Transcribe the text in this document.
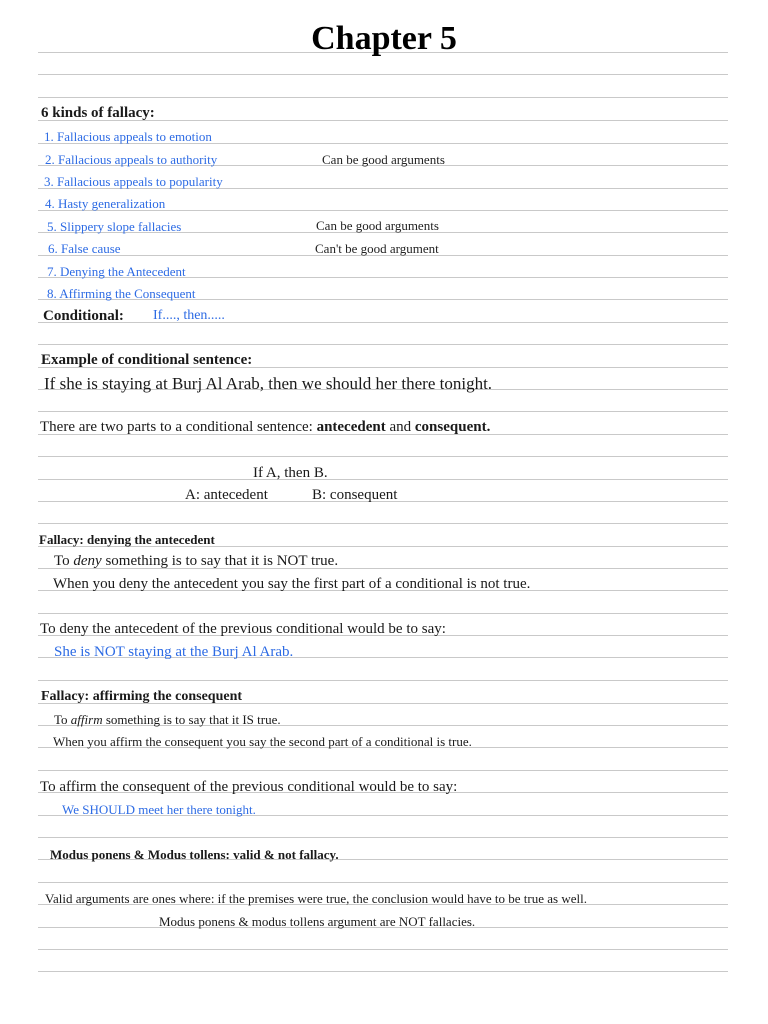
Chapter 5
6 kinds of fallacy:
1. Fallacious appeals to emotion
2. Fallacious appeals to authority	Can be good arguments
3. Fallacious appeals to popularity
4. Hasty generalization
5. Slippery slope fallacies	Can be good arguments
6. False cause	Can't be good argument
7. Denying the Antecedent
8. Affirming the Consequent
Conditional: If...., then.....
Example of conditional sentence:
If she is staying at Burj Al Arab, then we should her there tonight.
There are two parts to a conditional sentence: antecedent and consequent.
If A, then B.
A: antecedent	B: consequent
Fallacy: denying the antecedent
To deny something is to say that it is NOT true.
When you deny the antecedent you say the first part of a conditional is not true.
To deny the antecedent of the previous conditional would be to say:
She is NOT staying at the Burj Al Arab.
Fallacy: affirming the consequent
To affirm something is to say that it IS true.
When you affirm the consequent you say the second part of a conditional is true.
To affirm the consequent of the previous conditional would be to say:
We SHOULD meet her there tonight.
Modus ponens & Modus tollens: valid & not fallacy.
Valid arguments are ones where: if the premises were true, the conclusion would have to be true as well.
Modus ponens & modus tollens argument are NOT fallacies.
